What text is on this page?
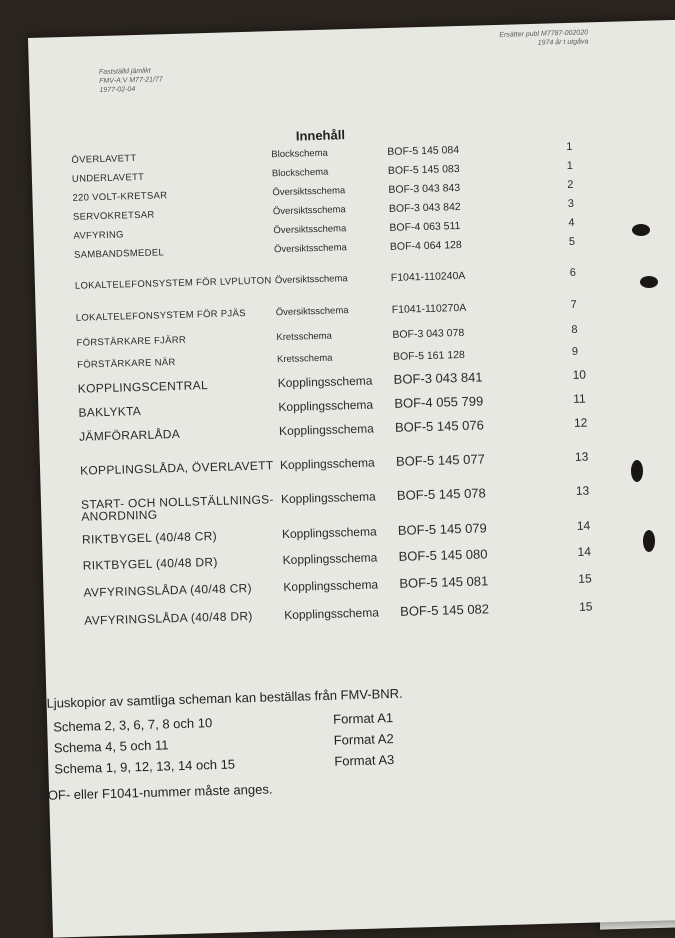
Fastställd jämlikt
FMV-A:V M77-21/77
1977-02-04
Ersätter publ M7787-002020
1974 år t utgåva
Innehåll
ÖVERLAVETT	Blockschema	BOF-5 145 084	1
UNDERLAVETT	Blockschema	BOF-5 145 083	1
220 VOLT-KRETSAR	Översiktsschema	BOF-3 043 843	2
SERVOKRETSAR	Översiktsschema	BOF-3 043 842	3
AVFYRING	Översiktsschema	BOF-4 063 511	4
SAMBANDSMEDEL	Översiktsschema	BOF-4 064 128	5
LOKALTELEFONSYSTEM FÖR LVPLUTON Översiktsschema	F1041-110240A	6
LOKALTELEFONSYSTEM FÖR PJÄS	Översiktsschema	F1041-110270A	7
FÖRSTÄRKARE FJÄRR	Kretsschema	BOF-3 043 078	8
FÖRSTÄRKARE NÄR	Kretsschema	BOF-5 161 128	9
KOPPLINGSCENTRAL	Kopplingsschema	BOF-3 043 841	10
BAKLYKTA	Kopplingsschema	BOF-4 055 799	11
JÄMFÖRARLÅDA	Kopplingsschema	BOF-5 145 076	12
KOPPLINGSLÅDA, ÖVERLAVETT Kopplingsschema	BOF-5 145 077	13
START- OCH NOLLSTÄLLNINGS-ANORDNING
Kopplingsschema	BOF-5 145 078	13
RIKTBYGEL (40/48 CR)	Kopplingsschema	BOF-5 145 079	14
RIKTBYGEL (40/48 DR)	Kopplingsschema	BOF-5 145 080	14
AVFYRINGSLÅDA (40/48 CR)	Kopplingsschema	BOF-5 145 081	15
AVFYRINGSLÅDA (40/48 DR)	Kopplingsschema	BOF-5 145 082	15
Ljuskopior av samtliga scheman kan beställas från FMV-BNR.
Schema 2, 3, 6, 7, 8 och 10	Format A1
Schema 4, 5 och 11	Format A2
Schema 1, 9, 12, 13, 14 och 15	Format A3
BOF- eller F1041-nummer måste anges.
